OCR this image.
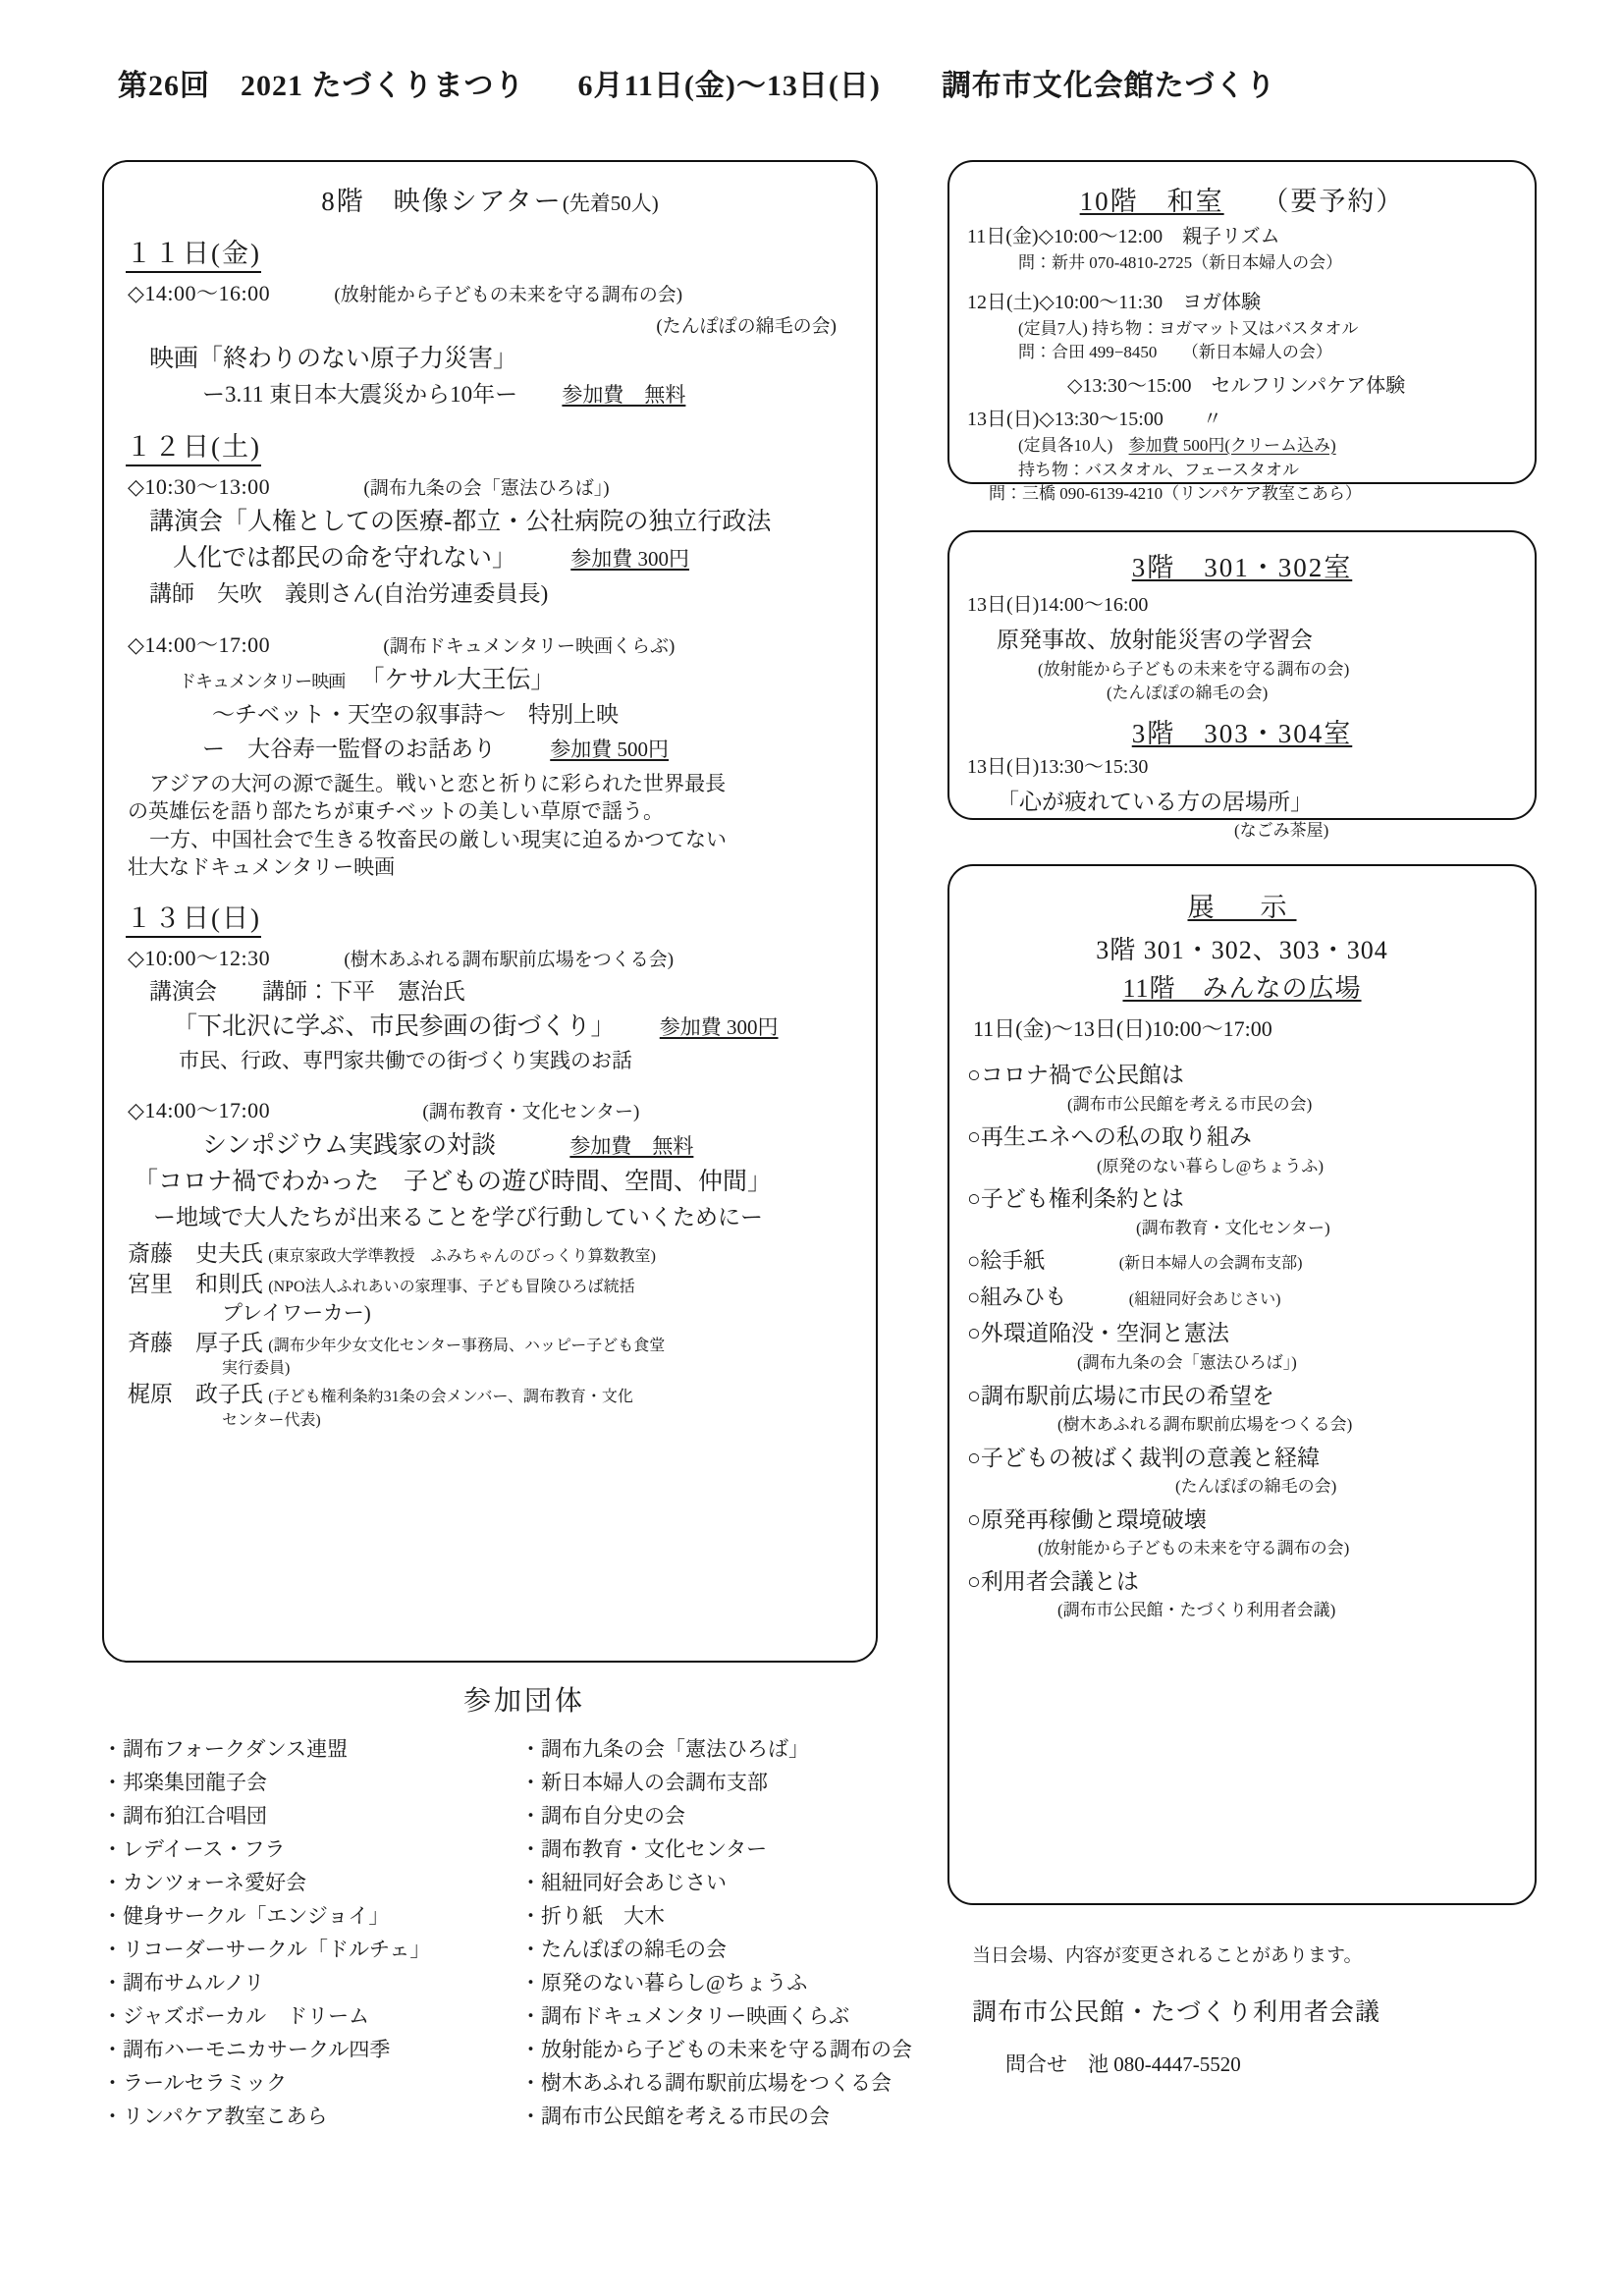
第26回　2021 たづくりまつり 6月11日(金)〜13日(日) 調布市文化会館たづくり
8階　映像シアター(先着50人)
１１日(金)
◇14:00〜16:00	(放射能から子どもの未来を守る調布の会)
(たんぽぽの綿毛の会)
映画「終わりのない原子力災害」
ー3.11 東日本大震災から10年ー 参加費　無料
１２日(土)
◇10:30〜13:00	(調布九条の会「憲法ひろば」)
講演会「人権としての医療-都立・公社病院の独立行政法
人化では都民の命を守れない」	参加費 300円
講師　矢吹　義則さん(自治労連委員長)
◇14:00〜17:00	(調布ドキュメンタリー映画くらぶ)
ドキュメンタリー映画 「ケサル大王伝」
〜チベット・天空の叙事詩〜　特別上映
ー　大谷寿一監督のお話あり	参加費 500円
アジアの大河の源で誕生。戦いと恋と祈りに彩られた世界最長
の英雄伝を語り部たちが東チベットの美しい草原で謡う。
一方、中国社会で生きる牧畜民の厳しい現実に迫るかつてない
壮大なドキュメンタリー映画
１３日(日)
◇10:00〜12:30	(樹木あふれる調布駅前広場をつくる会)
講演会　　講師：下平　憲治氏
「下北沢に学ぶ、市民参画の街づくり」 参加費 300円
市民、行政、専門家共働での街づくり実践のお話
◇14:00〜17:00	(調布教育・文化センター)
シンポジウム実践家の対談	参加費　無料
「コロナ禍でわかった　子どもの遊び時間、空間、仲間」
ー地域で大人たちが出来ることを学び行動していくためにー
斎藤　史夫氏 (東京家政大学準教授　ふみちゃんのびっくり算数教室)
宮里　和則氏 (NPO法人ふれあいの家理事、子ども冒険ひろば統括
プレイワーカー)
斉藤　厚子氏 (調布少年少女文化センター事務局、ハッピー子ども食堂
実行委員)
梶原　政子氏 (子ども権利条約31条の会メンバー、調布教育・文化
センター代表)
10階　和室 （要予約）
11日(金)◇10:00〜12:00　親子リズム
問：新井 070-4810-2725（新日本婦人の会）
12日(土)◇10:00〜11:30　ヨガ体験
(定員7人) 持ち物：ヨガマット又はバスタオル
問：合田 499−8450　　（新日本婦人の会）
◇13:30〜15:00　セルフリンパケア体験
13日(日)◇13:30〜15:00　　〃
(定員各10人) 参加費 500円(クリーム込み)
持ち物：バスタオル、フェースタオル
問：三橋 090-6139-4210（リンパケア教室こあら）
3階　301・302室
13日(日)14:00〜16:00
原発事故、放射能災害の学習会
(放射能から子どもの未来を守る調布の会)
(たんぽぽの綿毛の会)
3階　303・304室
13日(日)13:30〜15:30
「心が疲れている方の居場所」
(なごみ茶屋)
展　示
3階 301・302、303・304
11階　みんなの広場
11日(金)〜13日(日)10:00〜17:00
○コロナ禍で公民館は
(調布市公民館を考える市民の会)
○再生エネへの私の取り組み
(原発のない暮らし@ちょうふ)
○子ども権利条約とは
(調布教育・文化センター)
○絵手紙	(新日本婦人の会調布支部)
○組みひも	(組紐同好会あじさい)
○外環道陥没・空洞と憲法
(調布九条の会「憲法ひろば」)
○調布駅前広場に市民の希望を
(樹木あふれる調布駅前広場をつくる会)
○子どもの被ばく裁判の意義と経緯
(たんぽぽの綿毛の会)
○原発再稼働と環境破壊
(放射能から子どもの未来を守る調布の会)
○利用者会議とは
(調布市公民館・たづくり利用者会議)
参加団体
・調布フォークダンス連盟
・邦楽集団龍子会
・調布狛江合唱団
・レデイース・フラ
・カンツォーネ愛好会
・健身サークル「エンジョイ」
・リコーダーサークル「ドルチェ」
・調布サムルノリ
・ジャズボーカル　ドリーム
・調布ハーモニカサークル四季
・ラールセラミック
・リンパケア教室こあら
・調布九条の会「憲法ひろば」
・新日本婦人の会調布支部
・調布自分史の会
・調布教育・文化センター
・組紐同好会あじさい
・折り紙　大木
・たんぽぽの綿毛の会
・原発のない暮らし@ちょうふ
・調布ドキュメンタリー映画くらぶ
・放射能から子どもの未来を守る調布の会
・樹木あふれる調布駅前広場をつくる会
・調布市公民館を考える市民の会
当日会場、内容が変更されることがあります。
調布市公民館・たづくり利用者会議
問合せ　池 080-4447-5520
